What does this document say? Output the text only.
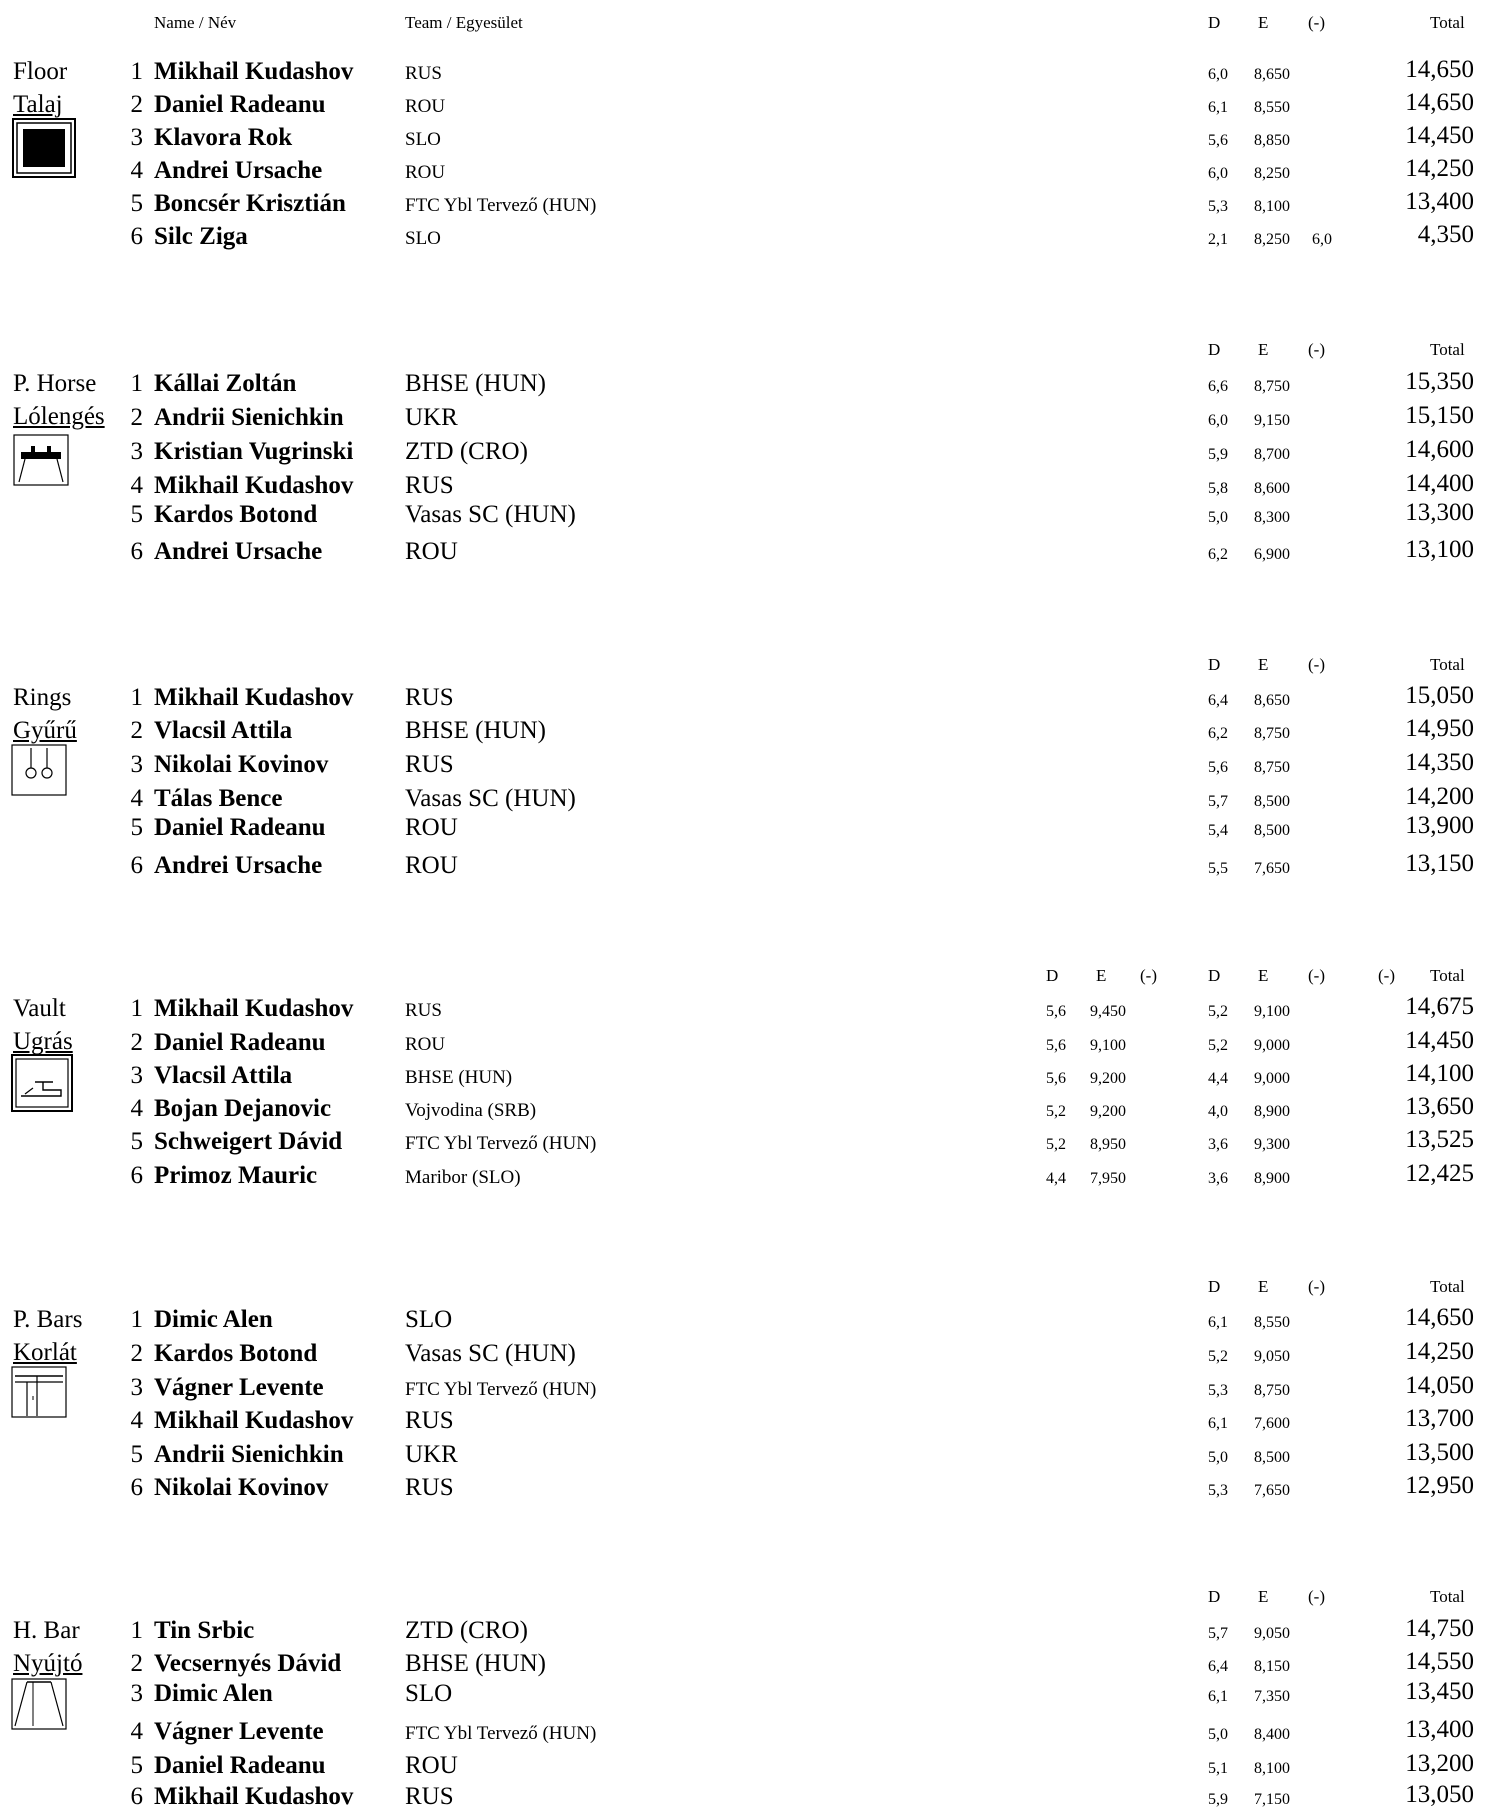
Name / Név	Team / Egyesület	D E (-)	Total
Floor
Talaj
1 Mikhail Kudashov	RUS	6,0	8,650	14,650
2 Daniel Radeanu	ROU	6,1	8,550	14,650
3 Klavora Rok	SLO	5,6	8,850	14,450
4 Andrei Ursache	ROU	6,0	8,250	14,250
5 Boncsér Krisztián	FTC Ybl Tervező (HUN)	5,3	8,100	13,400
6 Silc Ziga	SLO	2,1	8,250	6,0	4,350
D E (-)	Total
P. Horse
Lólengés
1 Kállai Zoltán	BHSE (HUN)	6,6	8,750	15,350
2 Andrii Sienichkin UKR	6,0	9,150	15,150
3 Kristian Vugrinski ZTD (CRO)	5,9	8,700	14,600
4 Mikhail Kudashov RUS	5,8	8,600	14,400
5 Kardos Botond	Vasas SC (HUN)	5,0	8,300	13,300
6 Andrei Ursache	ROU	6,2	6,900	13,100
D E (-)	Total
Rings
Gyűrű
1 Mikhail Kudashov RUS	6,4	8,650	15,050
2 Vlacsil Attila	BHSE (HUN)	6,2	8,750	14,950
3 Nikolai Kovinov	RUS	5,6	8,750	14,350
4 Tálas Bence	Vasas SC (HUN)	5,7	8,500	14,200
5 Daniel Radeanu	ROU	5,4	8,500	13,900
6 Andrei Ursache	ROU	5,5	7,650	13,150
D E (-)	Total
D E (-)	(-)
Vault
Ugrás
1 Mikhail Kudashov	RUS	5,6	9,450	5,2	9,100	14,675
2 Daniel Radeanu	ROU	5,6	9,100	5,2	9,000	14,450
3 Vlacsil Attila	BHSE (HUN)	5,6	9,200	4,4	9,000	14,100
4 Bojan Dejanovic	Vojvodina (SRB)	5,2	9,200	4,0	8,900	13,650
5 Schweigert Dávid	FTC Ybl Tervező (HUN)	5,2	8,950	3,6	9,300	13,525
6 Primoz Mauric	Maribor (SLO)	4,4	7,950	3,6	8,900	12,425
D E (-)	Total
P. Bars
Korlát
1 Dimic Alen	SLO	6,1	8,550	14,650
2 Kardos Botond	Vasas SC (HUN)	5,2	9,050	14,250
3 Vágner Levente	FTC Ybl Tervező (HUN)	5,3	8,750	14,050
4 Mikhail Kudashov RUS	6,1	7,600	13,700
5 Andrii Sienichkin UKR	5,0	8,500	13,500
6 Nikolai Kovinov	RUS	5,3	7,650	12,950
D E (-)	Total
H. Bar
Nyújtó
1 Tin Srbic	ZTD (CRO)	5,7	9,050	14,750
2 Vecsernyés Dávid	BHSE (HUN)	6,4	8,150	14,550
3 Dimic Alen	SLO	6,1	7,350	13,450
4 Vágner Levente	FTC Ybl Tervező (HUN)	5,0	8,400	13,400
5 Daniel Radeanu	ROU	5,1	8,100	13,200
6 Mikhail Kudashov RUS	5,9	7,150	13,050
